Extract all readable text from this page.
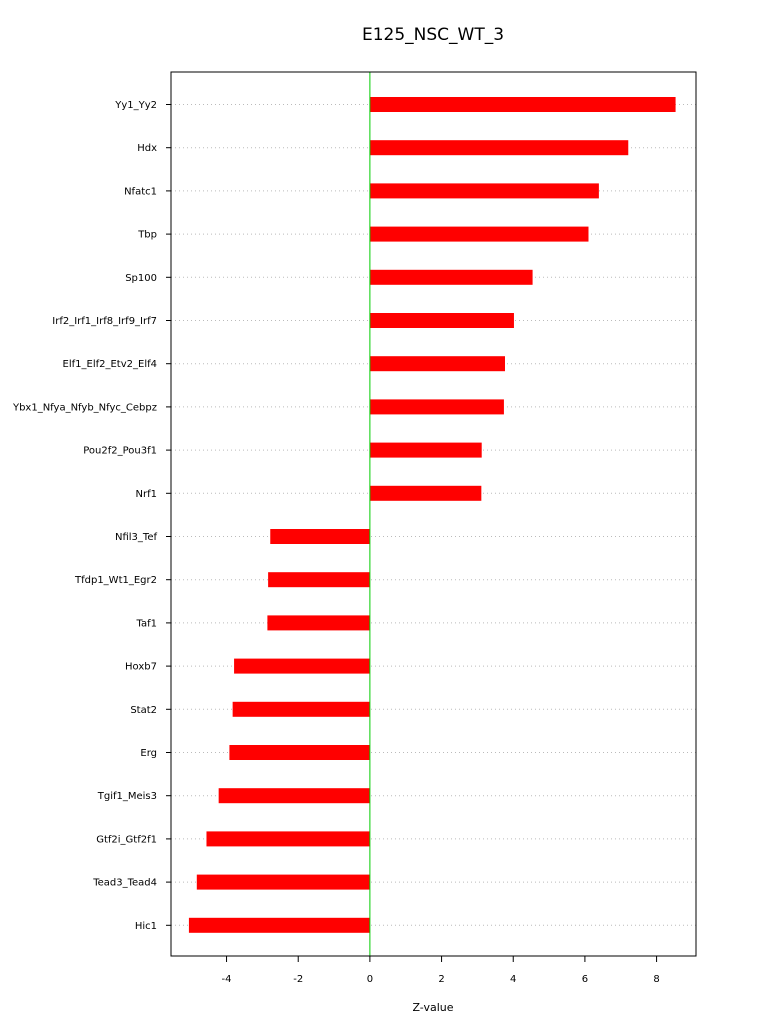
E125_NSC_WT_3
Yy1_Yy2
Hdx
Nfatc1
Tbp
Sp100
Irf2_Irf1_Irf8_Irf9_Irf7
Elf1_Elf2_Etv2_Elf4
Ybx1_Nfya_Nfyb_Nfyc_Cebpz
Pou2f2_Pou3f1
Nrf1
Nfil3_Tef
Tfdp1_Wt1_Egr2
Taf1
Hoxb7
Stat2
Erg
Tgif1_Meis3
Gtf2i_Gtf2f1
Tead3_Tead4
Hic1
-4	-2	0	2	4	6	8
Z-value
